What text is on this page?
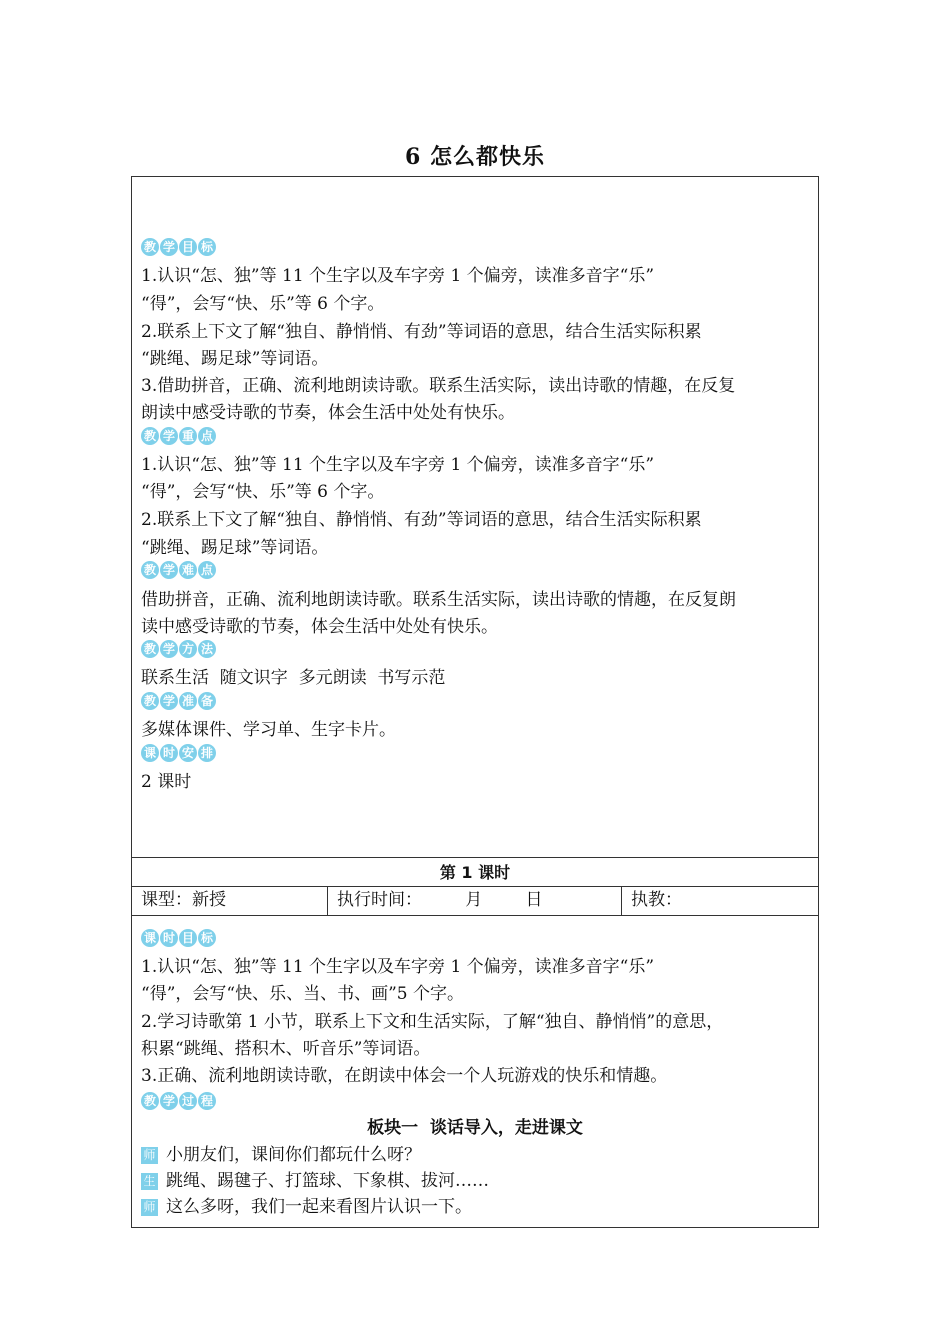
6 怎么都快乐
教 学 目 标
1.认识“怎、独”等 11 个生字以及车字旁 1 个偏旁，读准多音字“乐”
“得”，会写“快、乐”等 6 个字。
2.联系上下文了解“独自、静悄悄、有劲”等词语的意思，结合生活实际积累
“跳绳、踢足球”等词语。
3.借助拼音，正确、流利地朗读诗歌。联系生活实际，读出诗歌的情趣，在反复
朗读中感受诗歌的节奏，体会生活中处处有快乐。
教 学 重 点
1.认识“怎、独”等 11 个生字以及车字旁 1 个偏旁，读准多音字“乐”
“得”，会写“快、乐”等 6 个字。
2.联系上下文了解“独自、静悄悄、有劲”等词语的意思，结合生活实际积累
“跳绳、踢足球”等词语。
教 学 难 点
借助拼音，正确、流利地朗读诗歌。联系生活实际，读出诗歌的情趣，在反复朗
读中感受诗歌的节奏，体会生活中处处有快乐。
教 学 方 法
联系生活  随文识字  多元朗读  书写示范
教 学 准 备
多媒体课件、学习单、生字卡片。
课 时 安 排
2 课时
第 1 课时
课型：新授	执行时间：        月        日	执教：
课 时 目 标
1.认识“怎、独”等 11 个生字以及车字旁 1 个偏旁，读准多音字“乐”
“得”，会写“快、乐、当、书、画”5 个字。
2.学习诗歌第 1 小节，联系上下文和生活实际，了解“独自、静悄悄”的意思，
积累“跳绳、搭积木、听音乐”等词语。
3.正确、流利地朗读诗歌，在朗读中体会一个人玩游戏的快乐和情趣。
教 学 过 程
板块一  谈话导入，走进课文
师 小朋友们，课间你们都玩什么呀？
生 跳绳、踢毽子、打篮球、下象棋、拔河……
师 这么多呀，我们一起来看图片认识一下。
